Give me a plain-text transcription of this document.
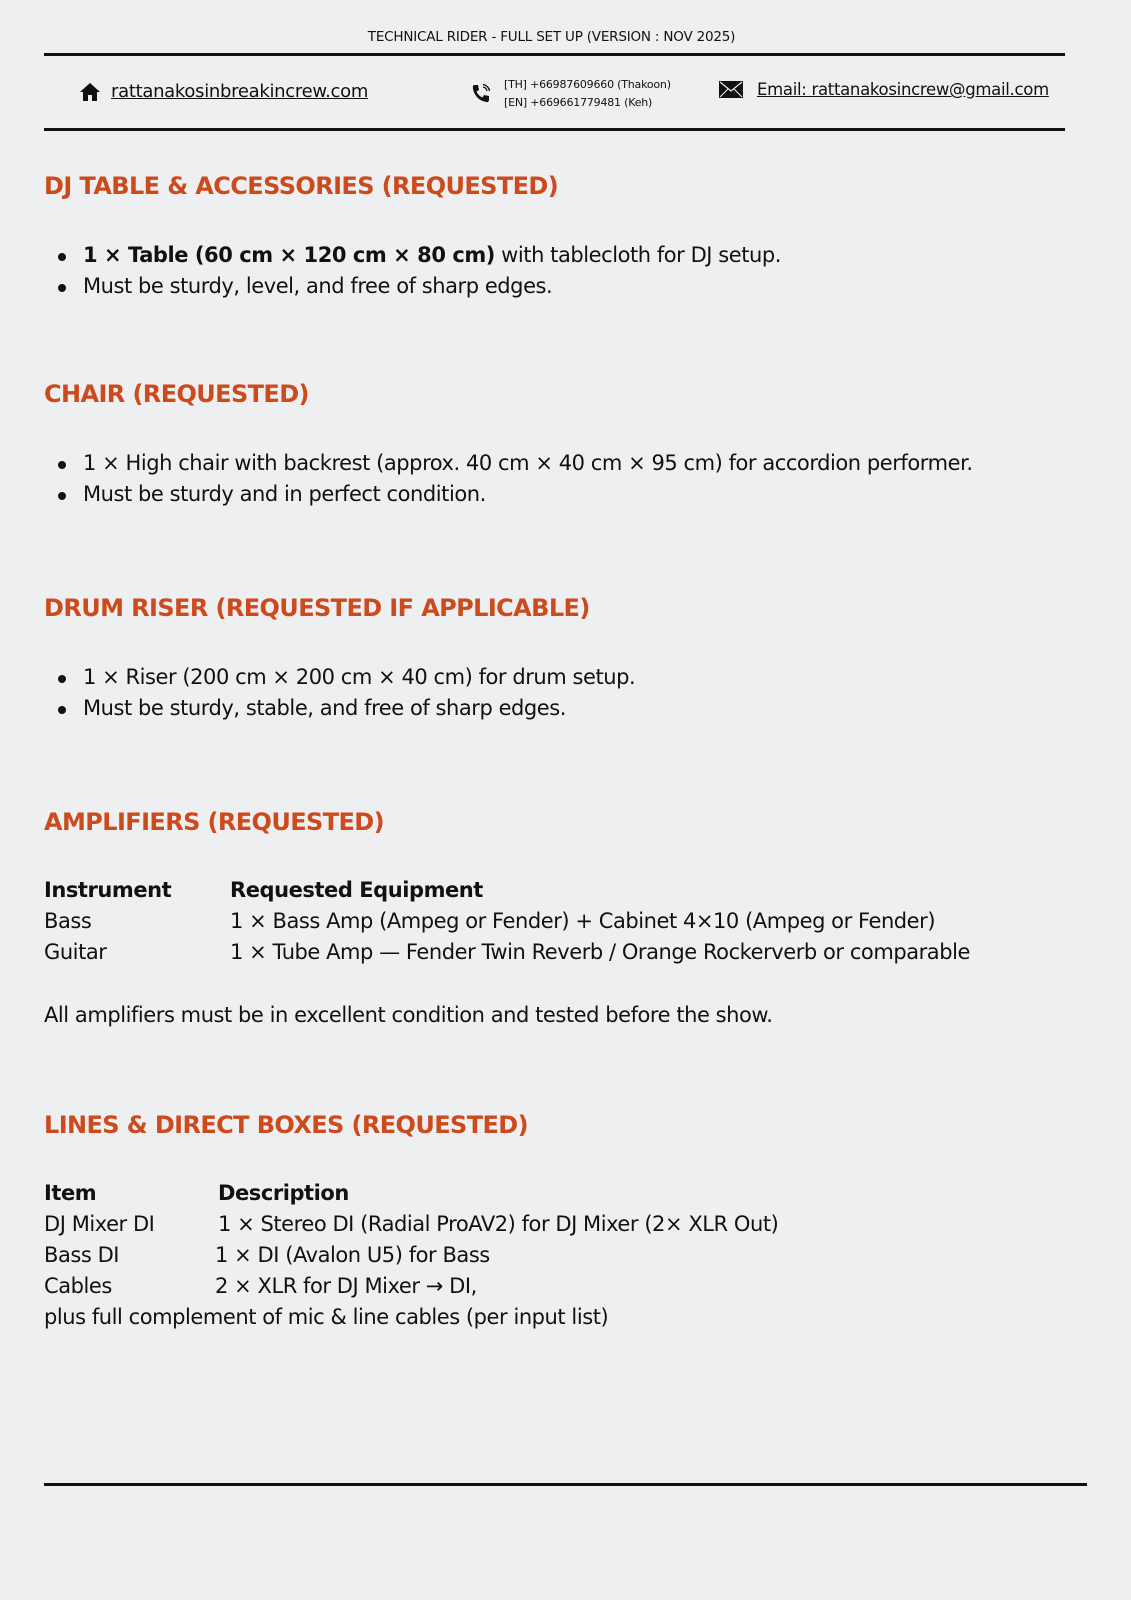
TECHNICAL RIDER - FULL SET UP (VERSION : NOV 2025)
rattanakosinbreakincrew.com	[TH] +66987609660 (Thakoon)
[EN] +669661779481 (Keh)
Email: rattanakosincrew@gmail.com
DJ TABLE & ACCESSORIES (REQUESTED)
1 × Table (60 cm × 120 cm × 80 cm) with tablecloth for DJ setup.
Must be sturdy, level, and free of sharp edges.
CHAIR (REQUESTED)
1 × High chair with backrest (approx. 40 cm × 40 cm × 95 cm) for accordion performer.
Must be sturdy and in perfect condition.
DRUM RISER (REQUESTED IF APPLICABLE)
1 × Riser (200 cm × 200 cm × 40 cm) for drum setup.
Must be sturdy, stable, and free of sharp edges.
AMPLIFIERS (REQUESTED)
Instrument	Requested Equipment
Bass	1 × Bass Amp (Ampeg or Fender) + Cabinet 4×10 (Ampeg or Fender)
Guitar	1 × Tube Amp — Fender Twin Reverb / Orange Rockerverb or comparable
All amplifiers must be in excellent condition and tested before the show.
LINES & DIRECT BOXES (REQUESTED)
Item	Description
DJ Mixer DI	1 × Stereo DI (Radial ProAV2) for DJ Mixer (2× XLR Out)
Bass DI	1 × DI (Avalon U5) for Bass
Cables	2 × XLR for DJ Mixer → DI,
plus full complement of mic & line cables (per input list)
